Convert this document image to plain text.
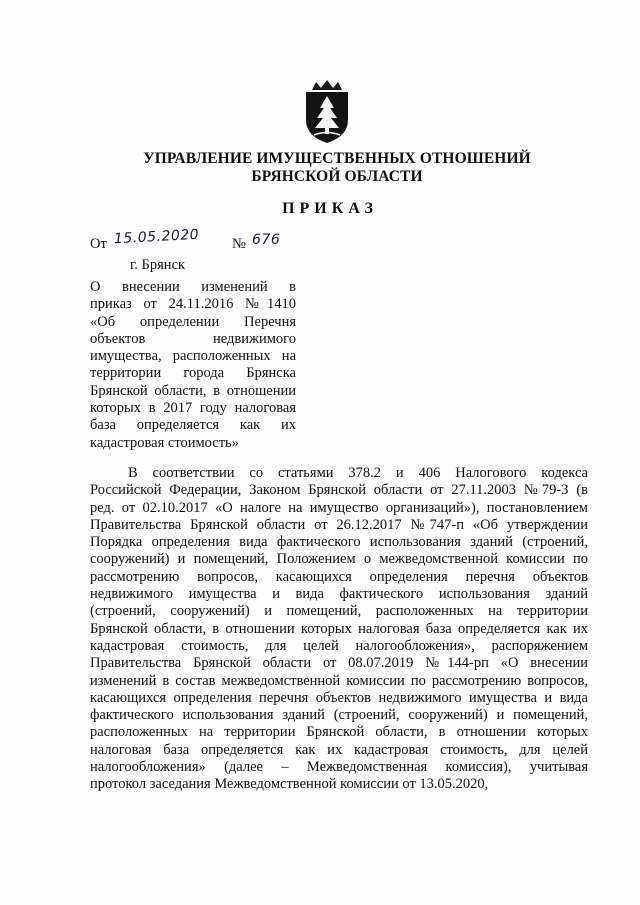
УПРАВЛЕНИЕ ИМУЩЕСТВЕННЫХ ОТНОШЕНИЙ
БРЯНСКОЙ ОБЛАСТИ
ПРИКАЗ
От 15.05.2020 № 676
г. Брянск
О внесении изменений в
приказ от 24.11.2016 №1410
«Об определении Перечня
объектов недвижимого
имущества, расположенных на
территории города Брянска
Брянской области, в отношении
которых в 2017 году налоговая
база определяется как их
кадастровая стоимость»
В соответствии со статьями 378.2 и 406 Налогового кодекса
Российской Федерации, Законом Брянской области от 27.11.2003 №79-З (в
ред. от 02.10.2017 «О налоге на имущество организаций»), постановлением
Правительства Брянской области от 26.12.2017 №747-п «Об утверждении
Порядка определения вида фактического использования зданий (строений,
сооружений) и помещений, Положением о межведомственной комиссии по
рассмотрению вопросов, касающихся определения перечня объектов
недвижимого имущества и вида фактического использования зданий
(строений, сооружений) и помещений, расположенных на территории
Брянской области, в отношении которых налоговая база определяется как их
кадастровая стоимость, для целей налогообложения», распоряжением
Правительства Брянской области от 08.07.2019 №144-рп «О внесении
изменений в состав межведомственной комиссии по рассмотрению вопросов,
касающихся определения перечня объектов недвижимого имущества и вида
фактического использования зданий (строений, сооружений) и помещений,
расположенных на территории Брянской области, в отношении которых
налоговая база определяется как их кадастровая стоимость, для целей
налогообложения» (далее – Межведомственная комиссия), учитывая
протокол заседания Межведомственной комиссии от 13.05.2020,
